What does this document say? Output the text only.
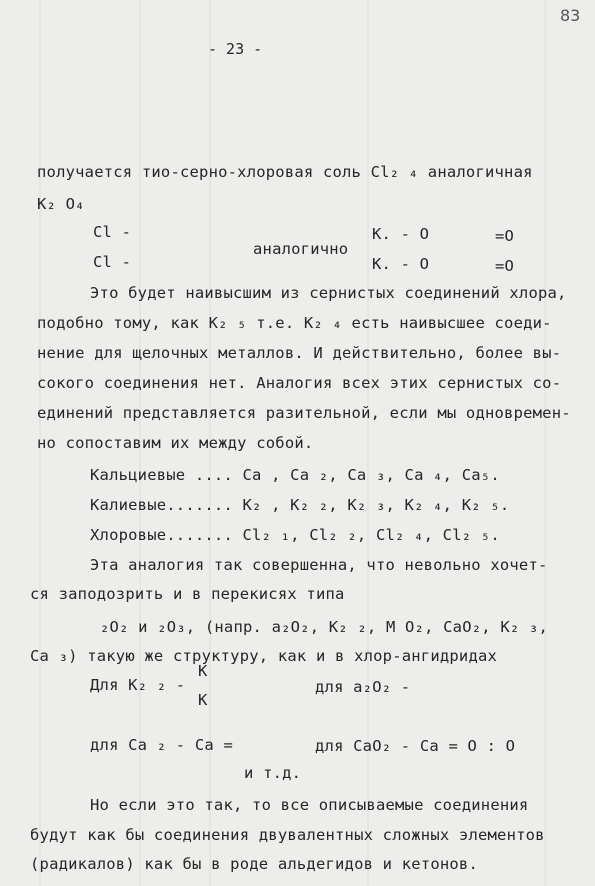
83
- 23 -
получается тио-серно-хлоровая соль Cl₂ ₄ аналогичная
K₂ O₄
Cl -	K. - O	=O
аналогично
Cl -	K. - O	=O
Это будет наивысшим из сернистых соединений хлора,
подобно тому, как K₂ ₅ т.е. K₂ ₄ есть наивысшее соеди-
нение для щелочных металлов. И действительно, более вы-
сокого соединения нет. Аналогия всех этих сернистых со-
единений представляется разительной, если мы одновремен-
но сопоставим их между собой.
Кальциевые .... Ca , Ca ₂, Ca ₃, Ca ₄, Ca₅.
Калиевые....... K₂ , K₂ ₂, K₂ ₃, K₂ ₄, K₂ ₅.
Хлоровые....... Cl₂ ₁, Cl₂ ₂, Cl₂ ₄, Cl₂ ₅.
Эта аналогия так совершенна, что невольно хочет-
ся заподозрить и в перекисях типа
₂O₂ и ₂O₃, (напр. a₂O₂, K₂ ₂, M O₂, CaO₂, K₂ ₃,
Ca ₃) такую же структуру, как и в хлор-ангидридах
Для K₂ ₂ -
K
K
для a₂O₂ -
для Ca ₂ - Ca =	для CaO₂ - Ca = O : O
и т.д.
Но если это так, то все описываемые соединения
будут как бы соединения двувалентных сложных элементов
(радикалов) как бы в роде альдегидов и кетонов.
